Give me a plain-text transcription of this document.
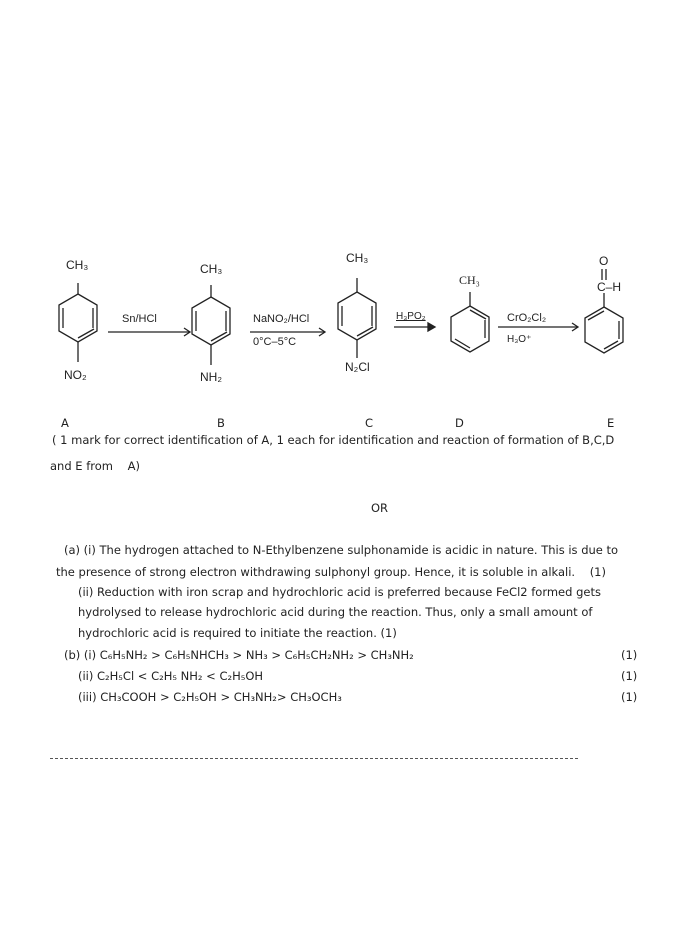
CH₃
NO₂
Sn/HCl
CH₃
NH₂
NaNO₂/HCl
0°C–5°C
CH₃
N₂Cl
H₃PO₂
CH₃
CrO₂Cl₂
H₃O⁺
O
C–H
A	B	C	D	E
( 1 mark for correct identification of A, 1 each for identification and reaction of formation of B,C,D
and E from    A)
OR
(a) (i) The hydrogen attached to N-Ethylbenzene sulphonamide is acidic in nature. This is due to
the presence of strong electron withdrawing sulphonyl group. Hence, it is soluble in alkali.    (1)
(ii) Reduction with iron scrap and hydrochloric acid is preferred because FeCl2 formed gets
hydrolysed to release hydrochloric acid during the reaction. Thus, only a small amount of
hydrochloric acid is required to initiate the reaction. (1)
(b) (i) C₆H₅NH₂ > C₆H₅NHCH₃ > NH₃ > C₆H₅CH₂NH₂ > CH₃NH₂
(ii) C₂H₅Cl < C₂H₅ NH₂ < C₂H₅OH
(iii) CH₃COOH > C₂H₅OH > CH₃NH₂> CH₃OCH₃
(1)
(1)
(1)
